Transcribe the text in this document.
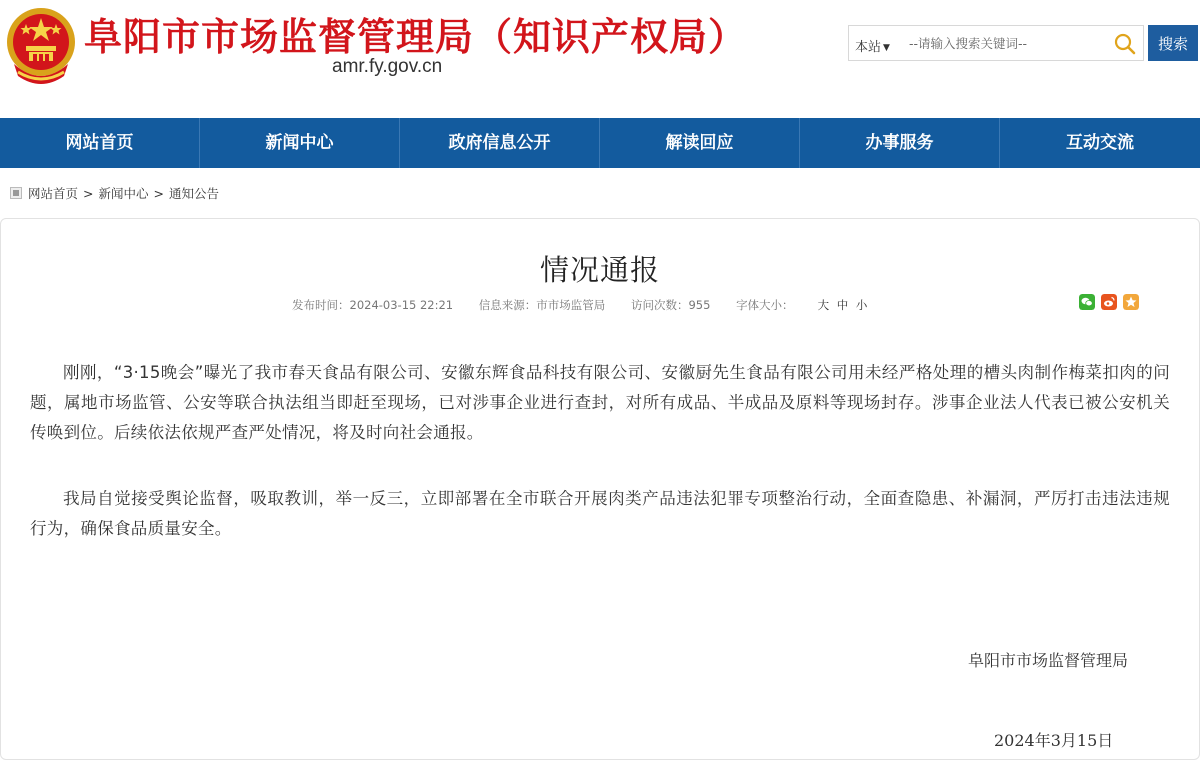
阜阳市市场监督管理局（知识产权局）
amr.fy.gov.cn
本站 ▼
--请输入搜索关键词--	搜索
网站首页	新闻中心	政府信息公开	解读回应	办事服务	互动交流
网站首页 > 新闻中心 > 通知公告
情况通报
发布时间：2024-03-15 22:21 信息来源：市市场监管局 访问次数：955 字体大小： 大 中 小

刚刚，“3·15晚会”曝光了我市春天食品有限公司、安徽东辉食品科技有限公司、安徽厨先生食品有限公司用未经严格处理的槽头肉制作梅菜扣肉的问题，属地市场监管、公安等联合执法组当即赶至现场，已对涉事企业进行查封，对所有成品、半成品及原料等现场封存。涉事企业法人代表已被公安机关传唤到位。后续依法依规严查严处情况，将及时向社会通报。

我局自觉接受舆论监督，吸取教训，举一反三，立即部署在全市联合开展肉类产品违法犯罪专项整治行动，全面查隐患、补漏洞，严厉打击违法违规行为，确保食品质量安全。

阜阳市市场监督管理局
2024年3月15日
